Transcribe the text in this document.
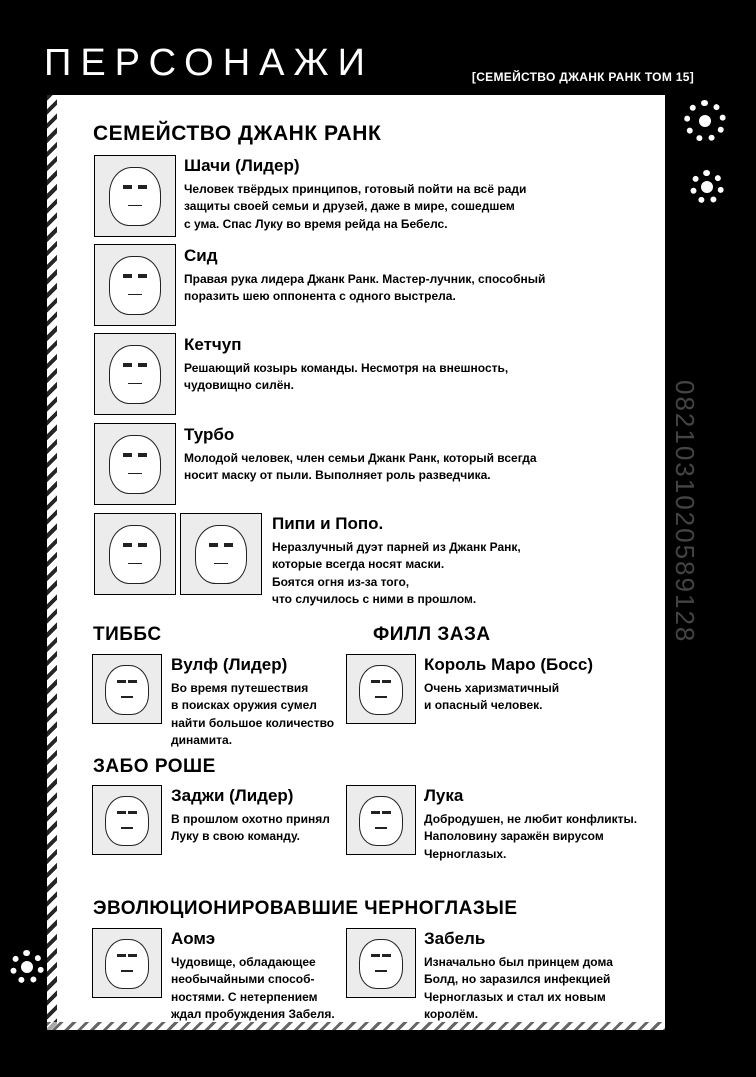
ПЕРСОНАЖИ	[СЕМЕЙСТВО ДЖАНК РАНК ТОМ 15]
0821031020589128
СЕМЕЙСТВО ДЖАНК РАНК
Шачи (Лидер)
Человек твёрдых принципов, готовый пойти на всё ради
защиты своей семьи и друзей, даже в мире, сошедшем
с ума. Спас Луку во время рейда на Бебелс.
Сид
Правая рука лидера Джанк Ранк. Мастер-лучник, способный
поразить шею оппонента с одного выстрела.
Кетчуп
Решающий козырь команды. Несмотря на внешность,
чудовищно силён.
Турбо
Молодой человек, член семьи Джанк Ранк, который всегда
носит маску от пыли. Выполняет роль разведчика.
Пипи и Попо.
Неразлучный дуэт парней из Джанк Ранк,
которые всегда носят маски.
Боятся огня из-за того,
что случилось с ними в прошлом.
ТИББС
Вулф (Лидер)
Во время путешествия
в поисках оружия сумел
найти большое количество
динамита.
ФИЛЛ ЗАЗА
Король Маро (Босс)
Очень харизматичный
и опасный человек.
ЗАБО РОШЕ
Заджи (Лидер)
В прошлом охотно принял
Луку в свою команду.
Лука
Добродушен, не любит конфликты.
Наполовину заражён вирусом
Черноглазых.
ЭВОЛЮЦИОНИРОВАВШИЕ ЧЕРНОГЛАЗЫЕ
Аомэ
Чудовище, обладающее
необычайными способ-
ностями. С нетерпением
ждал пробуждения Забеля.
Забель
Изначально был принцем дома
Болд, но заразился инфекцией
Черноглазых и стал их новым
королём.
